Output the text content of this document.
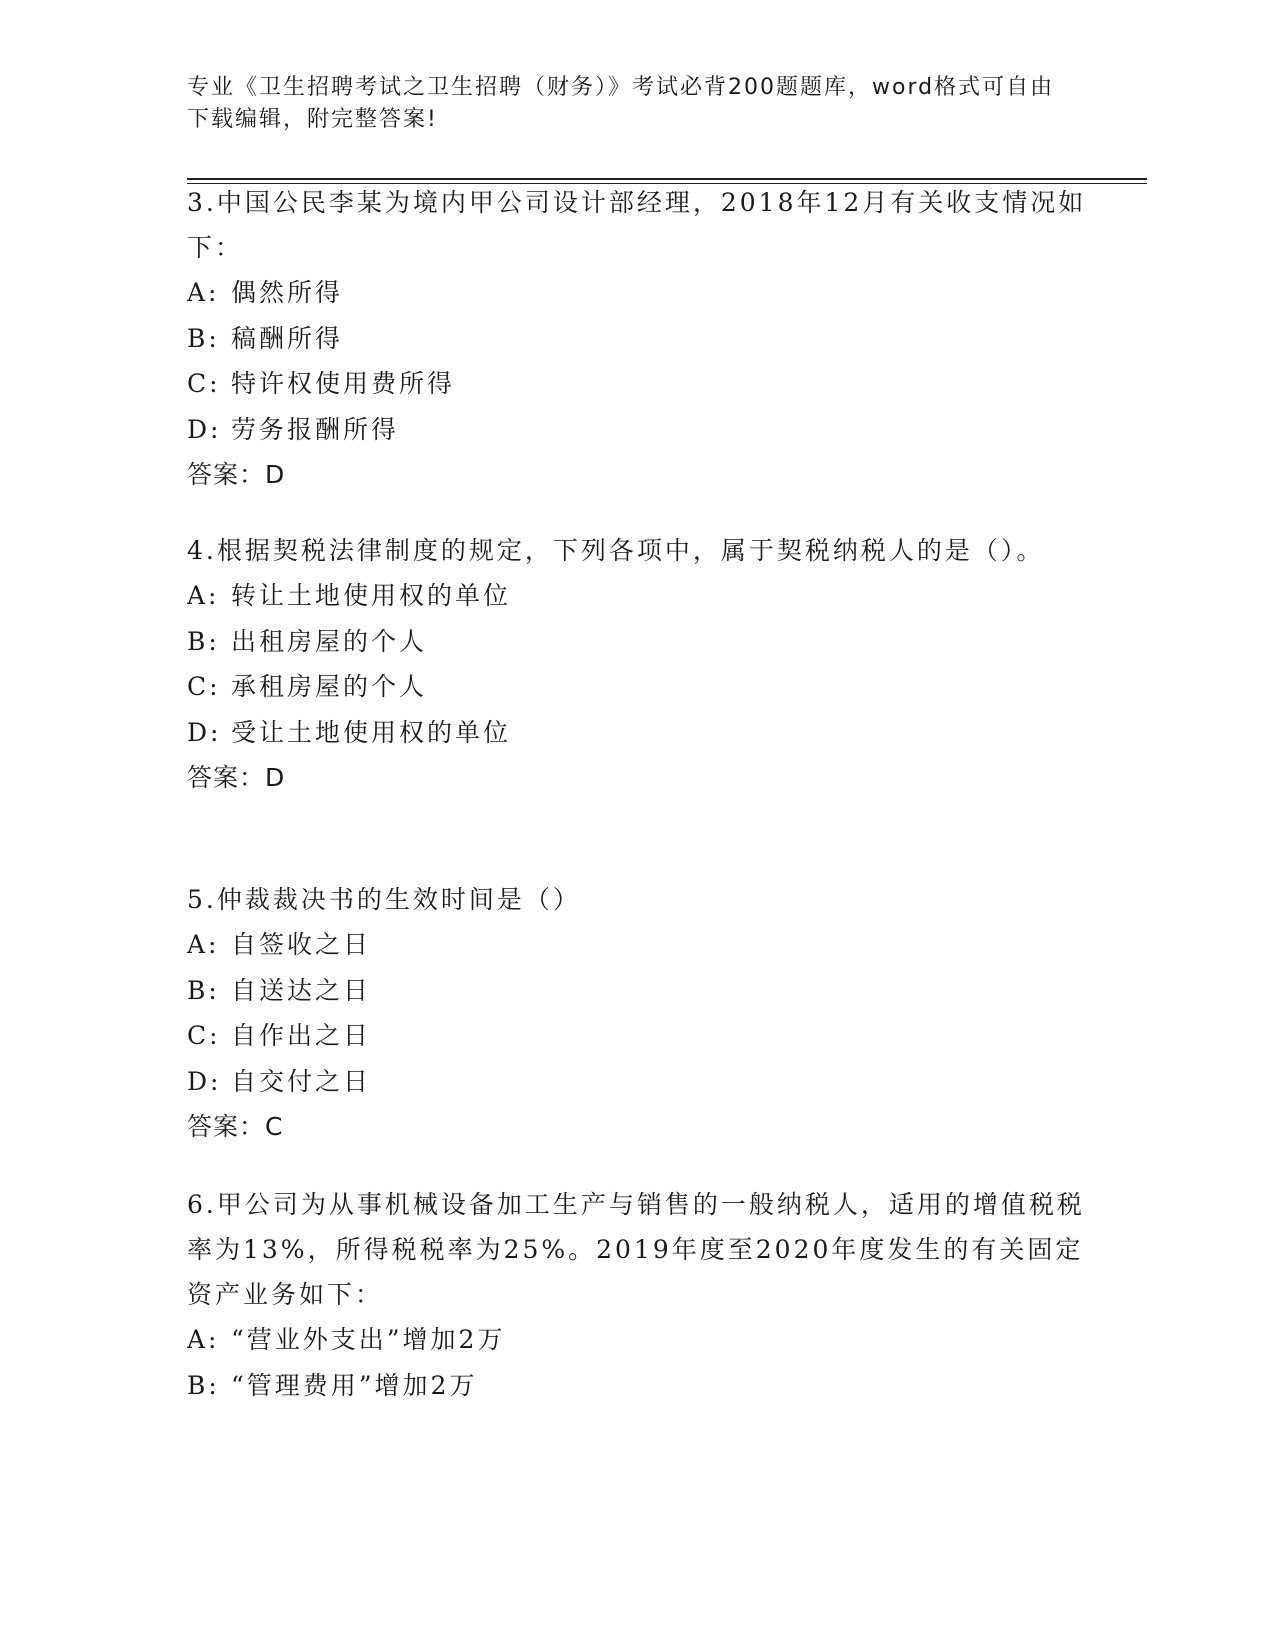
专业《卫生招聘考试之卫生招聘（财务）》考试必背200题题库，word格式可自由下载编辑，附完整答案!
3.中国公民李某为境内甲公司设计部经理，2018年12月有关收支情况如下：
A: 偶然所得
B: 稿酬所得
C: 特许权使用费所得
D: 劳务报酬所得
答案：D
4.根据契税法律制度的规定，下列各项中，属于契税纳税人的是（）。
A: 转让土地使用权的单位
B: 出租房屋的个人
C: 承租房屋的个人
D: 受让土地使用权的单位
答案：D
5.仲裁裁决书的生效时间是（）
A: 自签收之日
B: 自送达之日
C: 自作出之日
D: 自交付之日
答案：C
6.甲公司为从事机械设备加工生产与销售的一般纳税人，适用的增值税税率为13%，所得税税率为25%。2019年度至2020年度发生的有关固定资产业务如下：
A: “营业外支出”增加2万
B: “管理费用”增加2万
